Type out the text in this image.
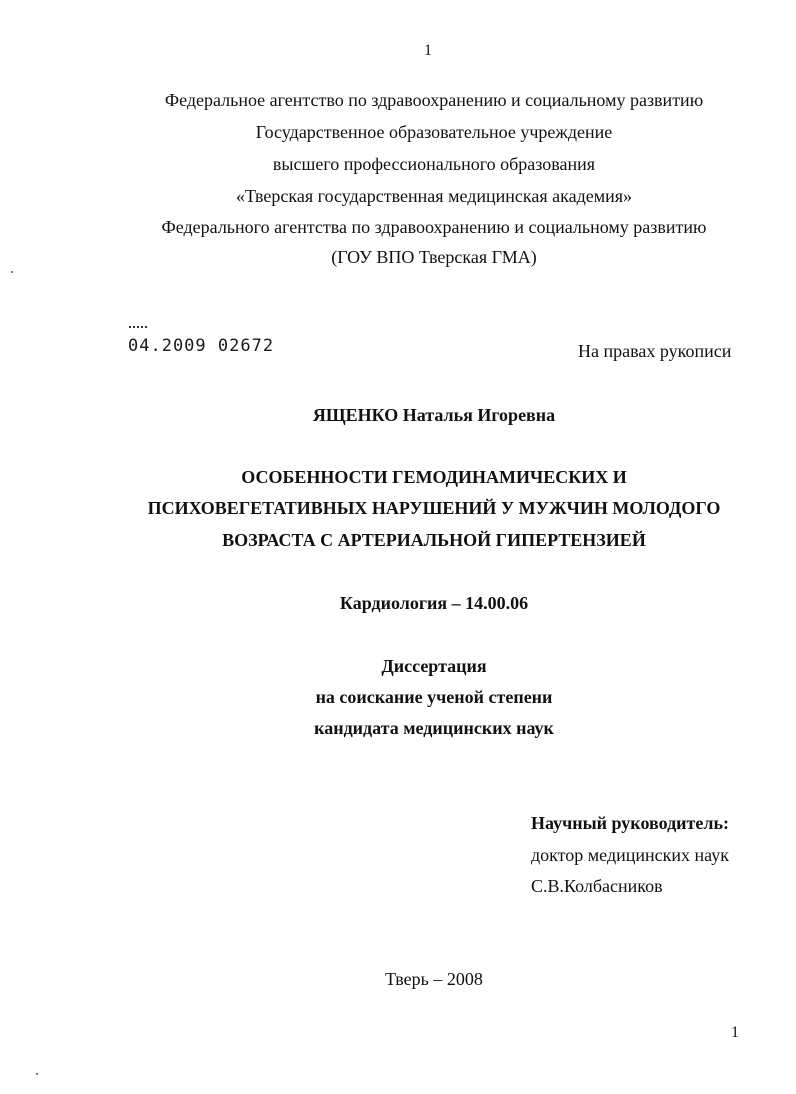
1
Федеральное агентство по здравоохранению и социальному развитию
Государственное образовательное учреждение
высшего профессионального образования
«Тверская государственная медицинская академия»
Федерального агентства по здравоохранению и социальному развитию
(ГОУ ВПО Тверская ГМА)
04.2009 02672	На правах рукописи
ЯЩЕНКО Наталья Игоревна
ОСОБЕННОСТИ ГЕМОДИНАМИЧЕСКИХ И
ПСИХОВЕГЕТАТИВНЫХ НАРУШЕНИЙ У МУЖЧИН МОЛОДОГО
ВОЗРАСТА С АРТЕРИАЛЬНОЙ ГИПЕРТЕНЗИЕЙ
Кардиология – 14.00.06
Диссертация
на соискание ученой степени
кандидата медицинских наук
Научный руководитель:
доктор медицинских наук
С.В.Колбасников
Тверь – 2008
1
